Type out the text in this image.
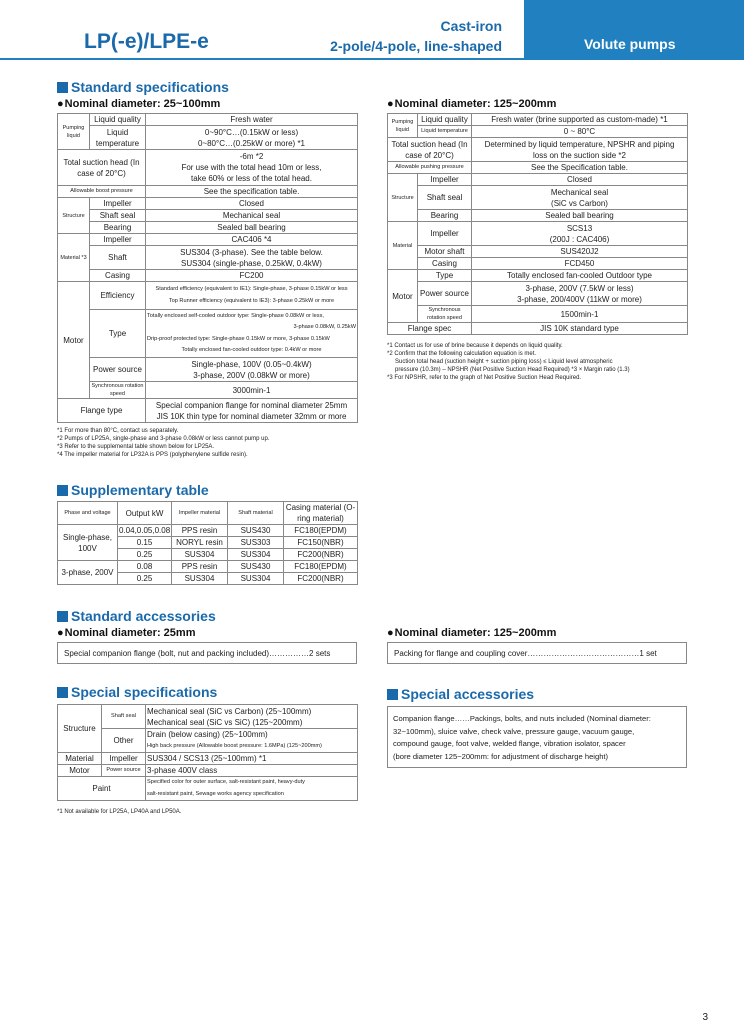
LP(-e)/LPE-e
Cast-iron
2-pole/4-pole, line-shaped	Volute pumps
Standard specifications
● Nominal diameter: 25~100mm	● Nominal diameter: 125~200mm
Pumping liquid	Liquid quality	Fresh water
	Liquid temperature	0~90°C…(0.15kW or less)
0~80°C…(0.25kW or more) *1

Total suction head (In case of 20°C)		-6m *2
For use with the total head 10m or less,
take 60% or less of the total head.

Allowable boost pressure		See the specification table.
Structure	Impeller	Closed
	Shaft seal	Mechanical seal
	Bearing	Sealed ball bearing
Material *3	Impeller	CAC406 *4
	Shaft	SUS304 (3-phase). See the table below.
SUS304 (single-phase, 0.25kW, 0.4kW)

	Casing	FC200

Motor	Efficiency	Standard efficiency (equivalent to IE1): Single-phase, 3-phase 0.15kW or less
Top Runner efficiency (equivalent to IE3): 3-phase 0.25kW or more

	Type	Totally enclosed self-cooled outdoor type: Single-phase 0.08kW or less,
3-phase 0.08kW, 0.25kW
Drip-proof protected type: Single-phase 0.15kW or more, 3-phase 0.15kW
Totally enclosed fan-cooled outdoor type: 0.4kW or more

	Power source	Single-phase, 100V (0.05~0.4kW)
3-phase, 200V (0.08kW or more)

	Synchronous rotation speed	3000min-1
Flange type		Special companion flange for nominal diameter 25mm
JIS 10K thin type for nominal diameter 32mm or more
*1 For more than 80°C, contact us separately.
*2 Pumps of LP25A, single-phase and 3-phase 0.08kW or less cannot pump up.
*3 Refer to the supplemental table shown below for LP25A.
*4 The impeller material for LP32A is PPS (polyphenylene sulfide resin).
Pumping liquid	Liquid quality	Fresh water (brine supported as custom-made) *1
	Liquid temperature	0 ~ 80°C
Total suction head (In case of 20°C)		Determined by liquid temperature, NPSHR and piping
loss on the suction side *2

Allowable pushing pressure		See the Specification table.
Structure	Impeller	Closed
	Shaft seal	Mechanical seal
(SiC vs Carbon)

	Bearing	Sealed ball bearing
Material	Impeller	SCS13
(200J : CAC406)

	Motor shaft	SUS420J2
	Casing	FCD450
Motor	Type	Totally enclosed fan-cooled Outdoor type
	Power source	3-phase, 200V (7.5kW or less)
3-phase, 200/400V (11kW or more)

	Synchronous rotation speed	1500min-1
Flange spec		JIS 10K standard type
*1 Contact us for use of brine because it depends on liquid quality.
*2 Confirm that the following calculation equation is met.
Suction total head (suction height + suction piping loss) ≤ Liquid level atmospheric
pressure (10.3m) – NPSHR (Net Positive Suction Head Required) *3 × Margin ratio (1.3)
*3 For NPSHR, refer to the graph of Net Positive Suction Head Required.
Supplementary table
Phase and voltage	Output kW	Impeller material	Shaft material	Casing material (O-ring material)
Single-phase, 100V	0.04,0.05,0.08	PPS resin	SUS430	FC180(EPDM)
	0.15	NORYL resin	SUS303	FC150(NBR)
	0.25	SUS304	SUS304	FC200(NBR)
3-phase, 200V	0.08	PPS resin	SUS430	FC180(EPDM)
	0.25	SUS304	SUS304	FC200(NBR)
Standard accessories
● Nominal diameter: 25mm	● Nominal diameter: 125~200mm
Special companion flange (bolt, nut and packing included)……………2 sets	Packing for flange and coupling cover……………………………………1 set
Special specifications
Structure	Shaft seal	Mechanical seal (SiC vs Carbon) (25~100mm)
Mechanical seal (SiC vs SiC) (125~200mm)

	Other	Drain (below casing) (25~100mm)
High back pressure (Allowable boost pressure: 1.6MPa) (125~200mm)

Material	Impeller	SUS304 / SCS13 (25~100mm) *1
Motor	Power source	3-phase 400V class
Paint		Specified color for outer surface, salt-resistant paint, heavy-duty
salt-resistant paint, Sewage works agency specification
*1 Not available for LP25A, LP40A and LP50A.
Special accessories
Companion flange……Packings, bolts, and nuts included (Nominal diameter:
32~100mm), sluice valve, check valve, pressure gauge, vacuum gauge,
compound gauge, foot valve, welded flange, vibration isolator, spacer
(bore diameter 125~200mm: for adjustment of discharge height)
3
